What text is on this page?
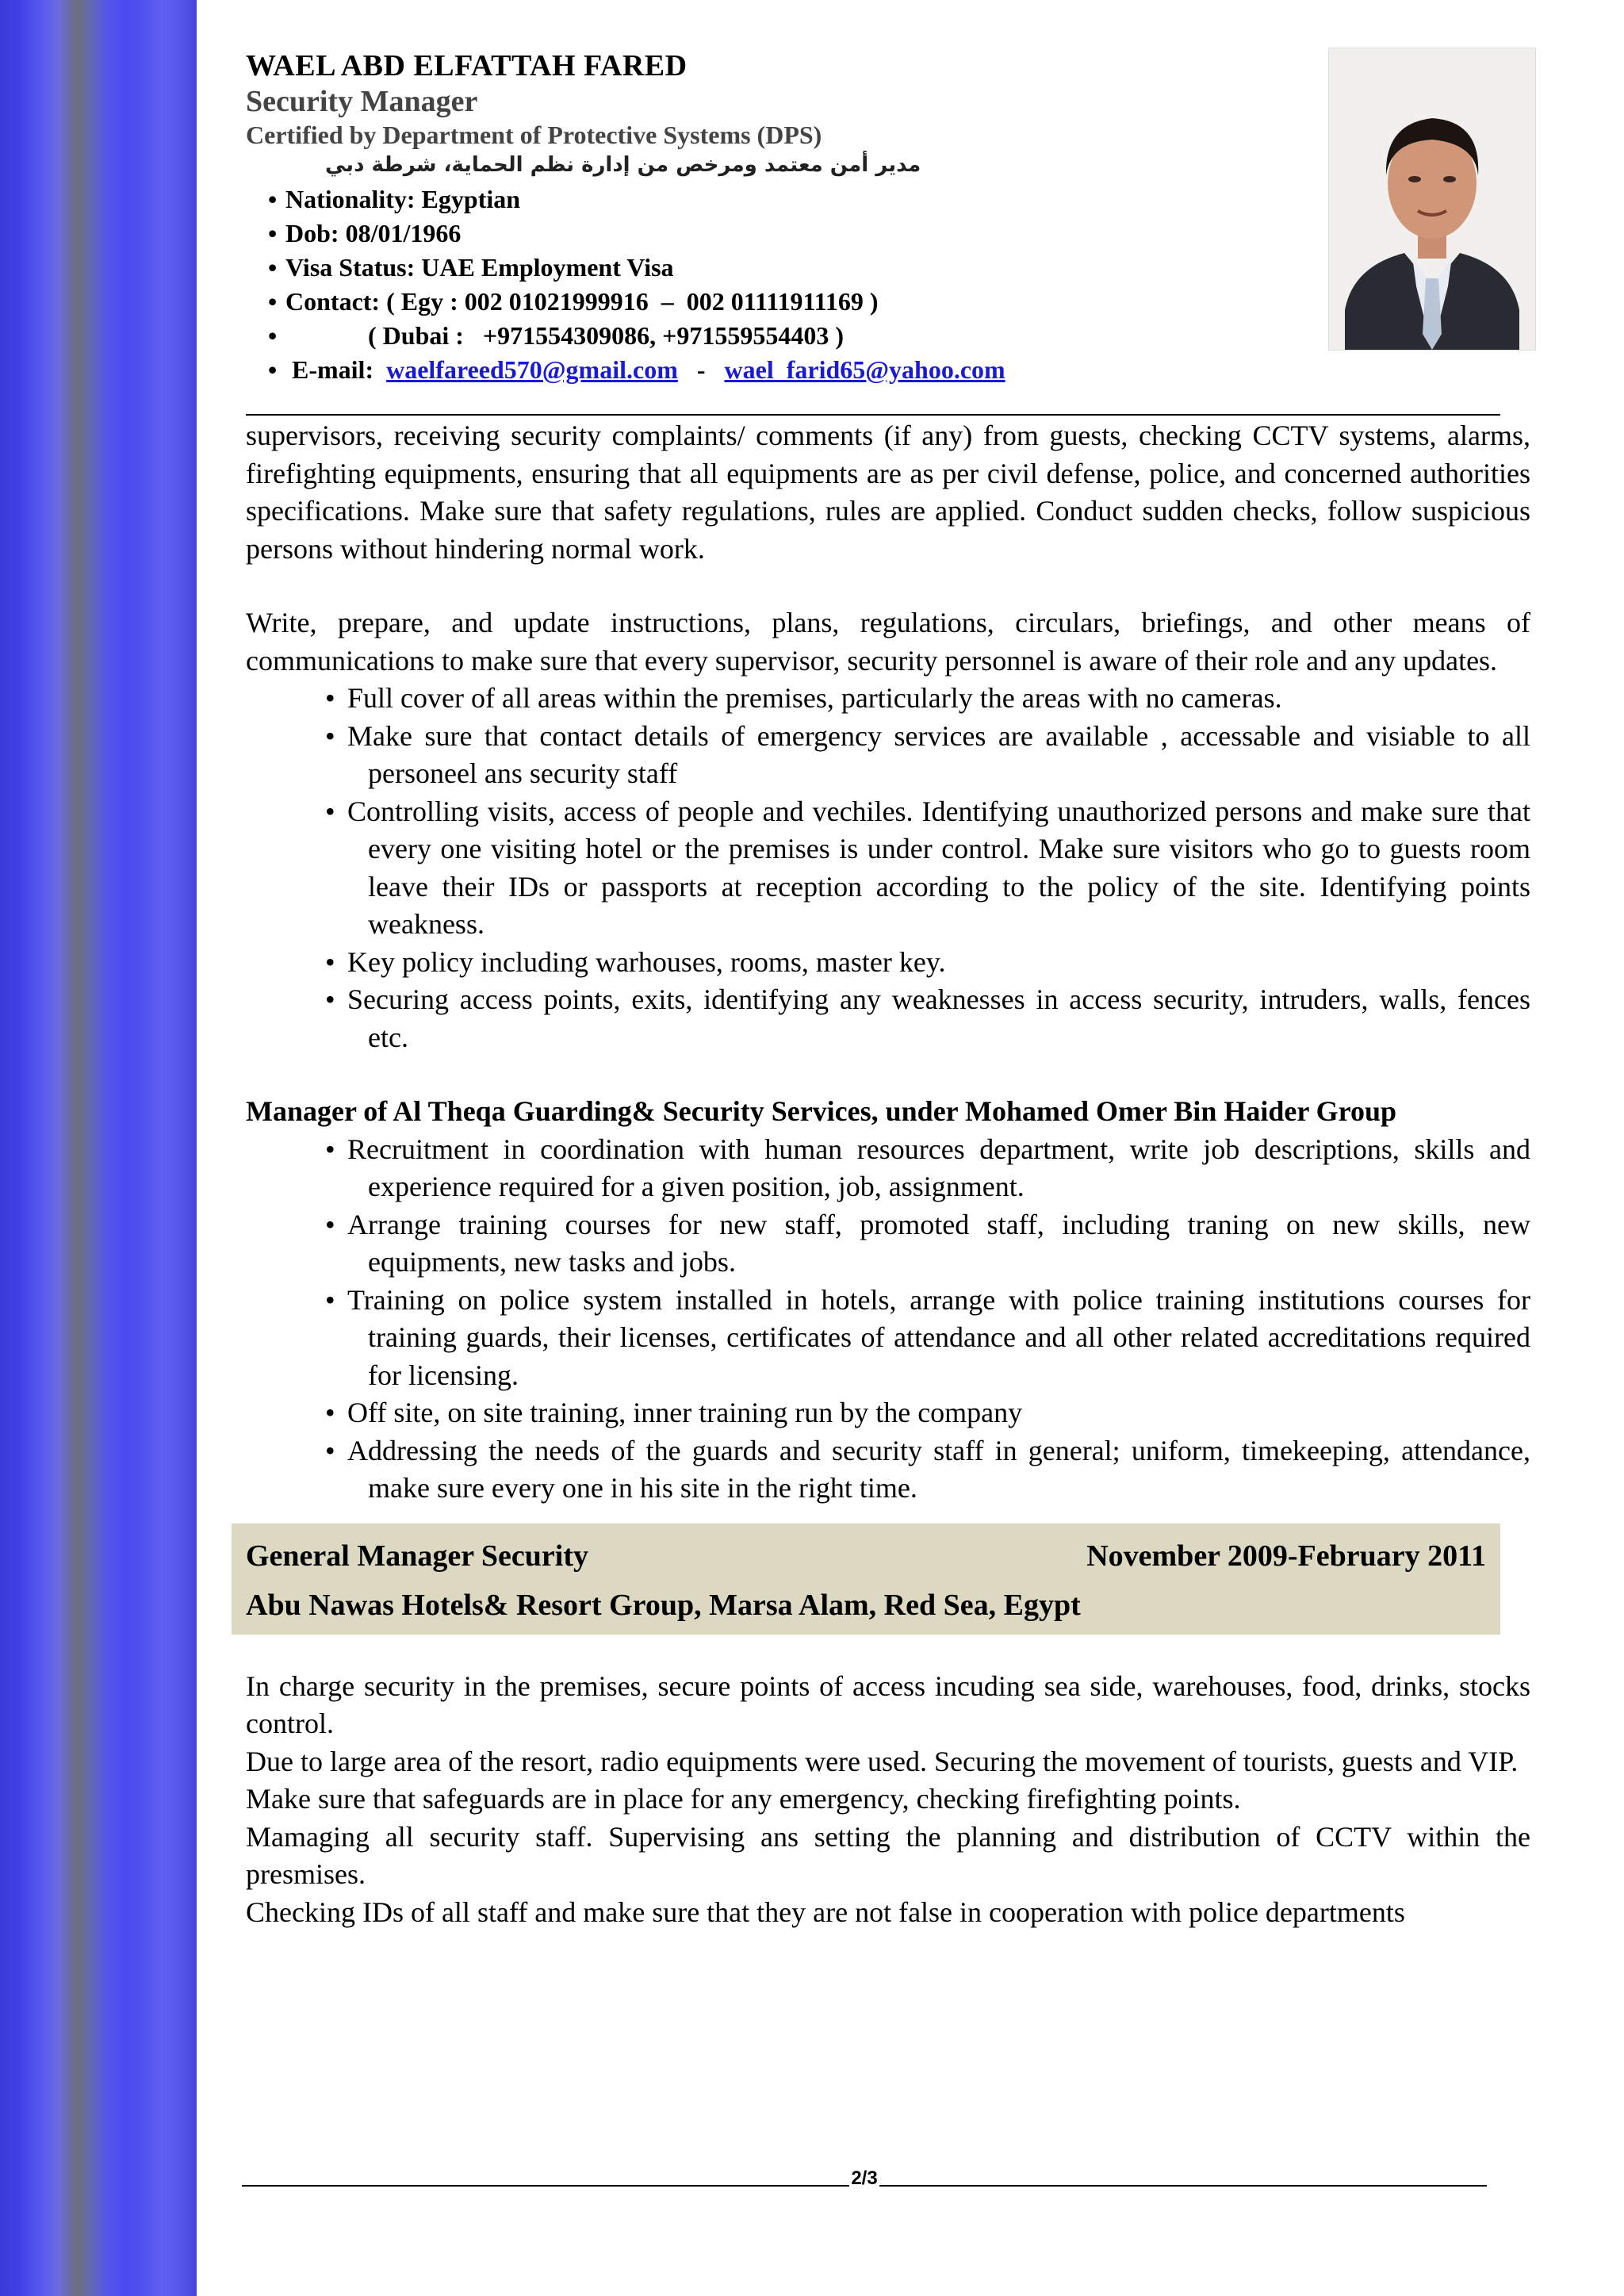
WAEL ABD ELFATTAH FARED
Security Manager
Certified by Department of Protective Systems (DPS)
مدير أمن معتمد ومرخص من إدارة نظم الحماية، شرطة دبي
• Nationality: Egyptian
• Dob: 08/01/1966
• Visa Status: UAE Employment Visa
• Contact: ( Egy : 002 01021999916  –  002 01111911169 )
•              ( Dubai :   +971554309086, +971559554403 )
•  E-mail: waelfareed570@gmail.com - wael_farid65@yahoo.com

supervisors, receiving security complaints/ comments (if any) from guests, checking CCTV systems, alarms, firefighting equipments, ensuring that all equipments are as per civil defense, police, and concerned authorities specifications. Make sure that safety regulations, rules are applied. Conduct sudden checks, follow suspicious persons without hindering normal work.

Write, prepare, and update instructions, plans, regulations, circulars, briefings, and other means of communications to make sure that every supervisor, security personnel is aware of their role and any updates.

• Full cover of all areas within the premises, particularly the areas with no cameras.
• Make sure that contact details of emergency services are available , accessable and visiable to all personeel ans security staff
• Controlling visits, access of people and vechiles. Identifying unauthorized persons and make sure that every one visiting hotel or the premises is under control. Make sure visitors who go to guests room leave their IDs or passports at reception according to the policy of the site. Identifying points weakness.
• Key policy including warhouses, rooms, master key.
• Securing access points, exits, identifying any weaknesses in access security, intruders, walls, fences etc.

Manager of Al Theqa Guarding& Security Services, under Mohamed Omer Bin Haider Group

• Recruitment in coordination with human resources department, write job descriptions, skills and experience required for a given position, job, assignment.
• Arrange training courses for new staff, promoted staff, including traning on new skills, new equipments, new tasks and jobs.
• Training on police system installed in hotels, arrange with police training institutions courses for training guards, their licenses, certificates of attendance and all other related accreditations required for licensing.
• Off site, on site training, inner training run by the company
• Addressing the needs of the guards and security staff in general; uniform, timekeeping, attendance, make sure every one in his site in the right time.
General Manager Security	November 2009-February 2011
Abu Nawas Hotels& Resort Group, Marsa Alam, Red Sea, Egypt

In charge security in the premises, secure points of access incuding sea side, warehouses, food, drinks, stocks control.

Due to large area of the resort, radio equipments were used. Securing the movement of tourists, guests and VIP.

Make sure that safeguards are in place for any emergency, checking firefighting points.

Mamaging all security staff. Supervising ans setting the planning and distribution of CCTV within the presmises.

Checking IDs of all staff and make sure that they are not false in cooperation with police departments

2/3
